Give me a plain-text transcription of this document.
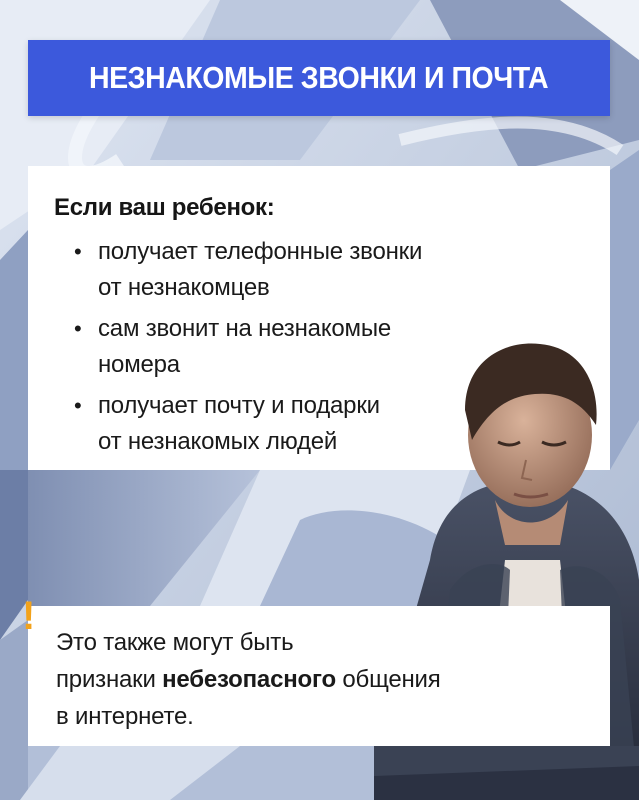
НЕЗНАКОМЫЕ ЗВОНКИ И ПОЧТА
Если ваш ребенок:
• получает телефонные звонки
от незнакомцев
• сам звонит на незнакомые
номера
• получает почту и подарки
от незнакомых людей
Это также могут быть
признаки небезопасного общения
в интернете.
!
